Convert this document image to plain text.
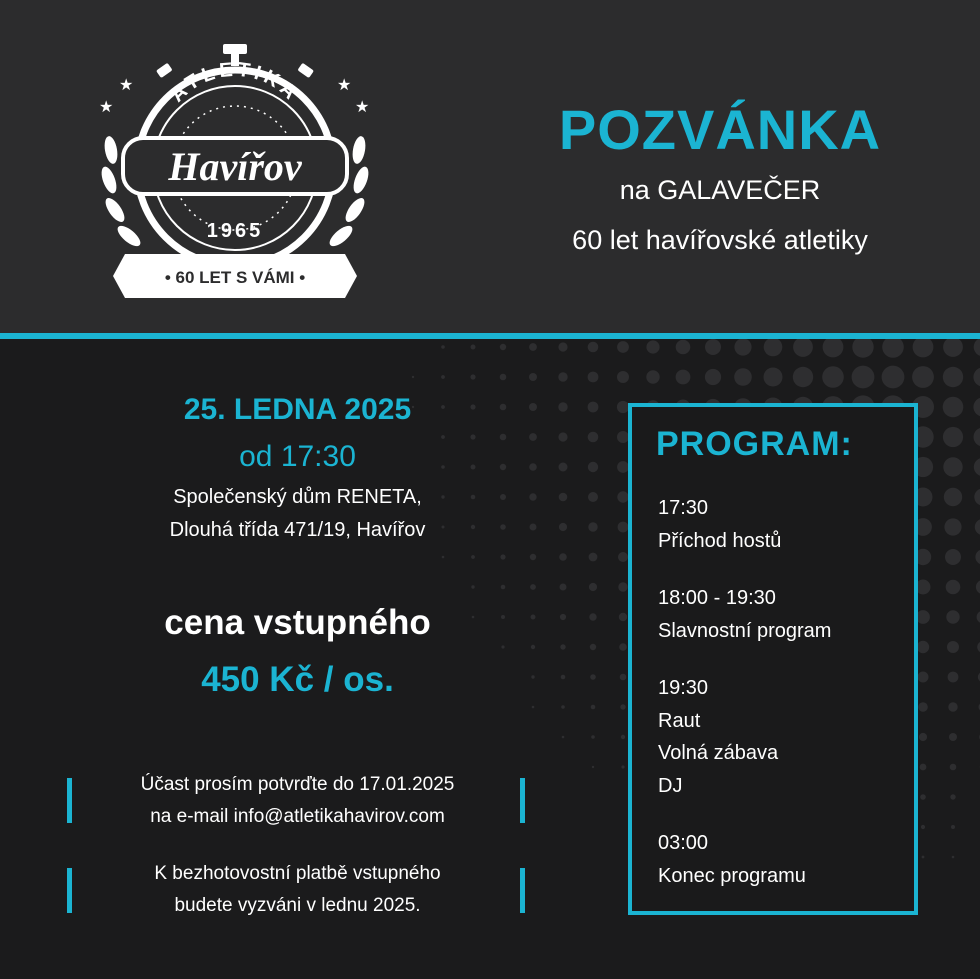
★
★
★
★
ATLETIKA
Havířov
1965
• 60 LET S VÁMI •
POZVÁNKA
na GALAVEČER
60 let havířovské atletiky
25. LEDNA 2025
od 17:30
Společenský dům RENETA,
Dlouhá třída 471/19, Havířov
cena vstupného
450 Kč / os.
Účast prosím potvrďte do 17.01.2025
na e-mail info@atletikahavirov.com
K bezhotovostní platbě vstupného
budete vyzváni v lednu 2025.
PROGRAM:
17:30
Příchod hostů
18:00 - 19:30
Slavnostní program
19:30
Raut
Volná zábava
DJ
03:00
Konec programu
